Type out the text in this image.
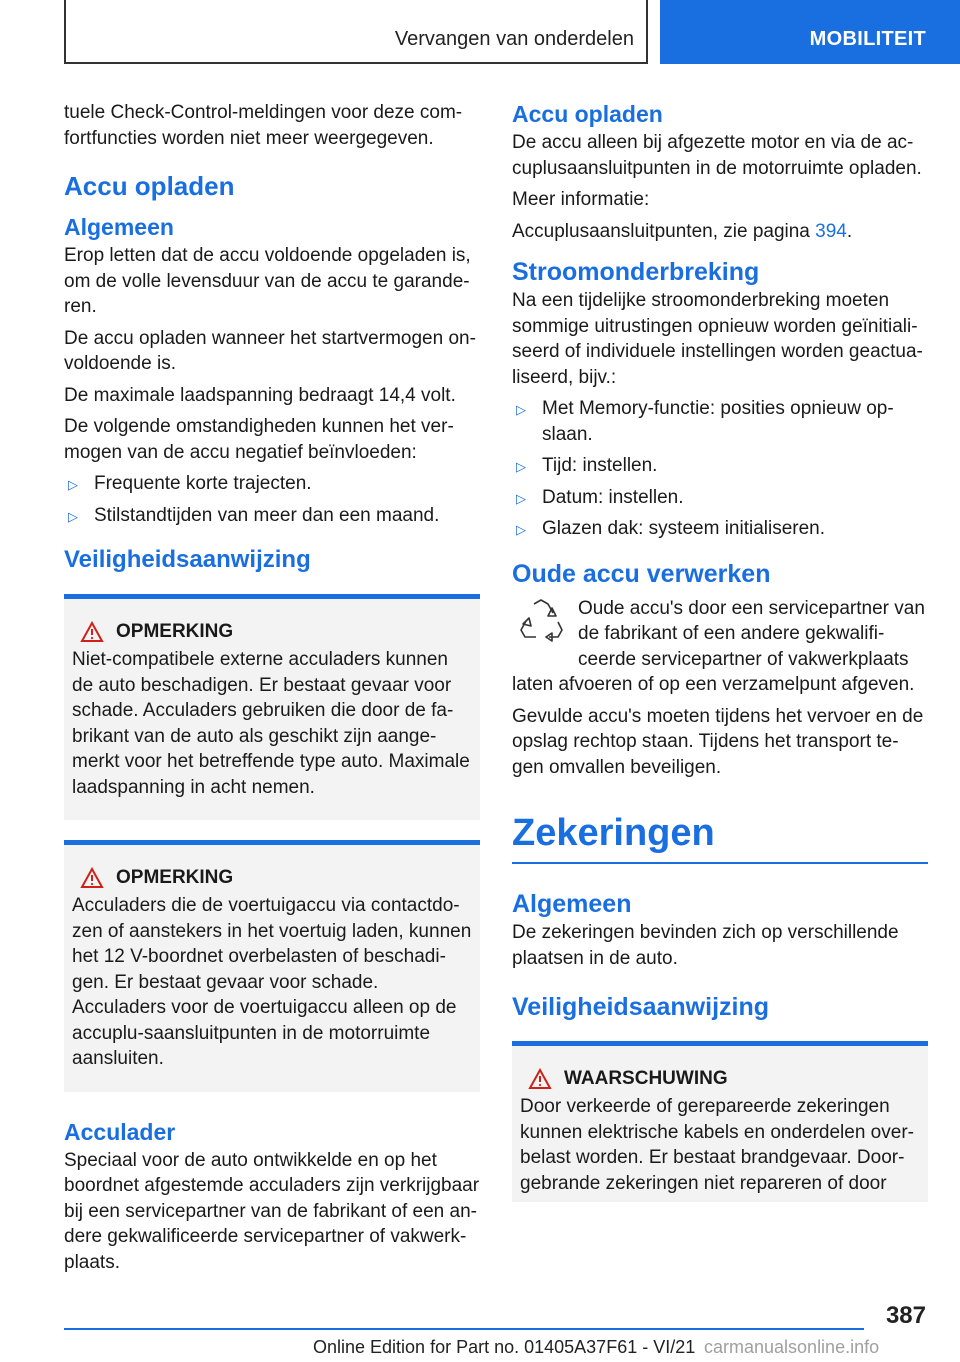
Vervangen van onderdelen	MOBILITEIT

tuele Check-Control-meldingen voor deze com-fortfuncties worden niet meer weergegeven.

Accu opladen
Algemeen

Erop letten dat de accu voldoende opgeladen is, om de volle levensduur van de accu te garande-ren.

De accu opladen wanneer het startvermogen on-voldoende is.

De maximale laadspanning bedraagt 14,4 volt.

De volgende omstandigheden kunnen het ver-mogen van de accu negatief beïnvloeden:

▷ Frequente korte trajecten.
▷ Stilstandtijden van meer dan een maand.
Veiligheidsaanwijzing
OPMERKING

Niet-compatibele externe acculaders kunnen de auto beschadigen. Er bestaat gevaar voor schade. Acculaders gebruiken die door de fa-brikant van de auto als geschikt zijn aange-merkt voor het betreffende type auto. Maximale laadspanning in acht nemen.

OPMERKING

Acculaders die de voertuigaccu via contactdo-zen of aanstekers in het voertuig laden, kunnen het 12 V-boordnet overbelasten of beschadi-gen. Er bestaat gevaar voor schade. Acculaders voor de voertuigaccu alleen op de accuplu-saansluitpunten in de motorruimte aansluiten.

Acculader

Speciaal voor de auto ontwikkelde en op het boordnet afgestemde acculaders zijn verkrijgbaar bij een servicepartner van de fabrikant of een an-dere gekwalificeerde servicepartner of vakwerk-plaats.

Accu opladen

De accu alleen bij afgezette motor en via de ac-cuplusaansluitpunten in de motorruimte opladen.

Meer informatie:

Accuplusaansluitpunten, zie pagina 394.

Stroomonderbreking

Na een tijdelijke stroomonderbreking moeten sommige uitrustingen opnieuw worden geïnitiali-seerd of individuele instellingen worden geactua-liseerd, bijv.:

▷ Met Memory-functie: posities opnieuw op-slaan.
▷ Tijd: instellen.
▷ Datum: instellen.
▷ Glazen dak: systeem initialiseren.
Oude accu verwerken

Oude accu's door een servicepartner van de fabrikant of een andere gekwalifi-ceerde servicepartner of vakwerkplaats laten afvoeren of op een verzamelpunt afgeven.

Gevulde accu's moeten tijdens het vervoer en de opslag rechtop staan. Tijdens het transport te-gen omvallen beveiligen.

Zekeringen
Algemeen

De zekeringen bevinden zich op verschillende plaatsen in de auto.

Veiligheidsaanwijzing
WAARSCHUWING

Door verkeerde of gerepareerde zekeringen kunnen elektrische kabels en onderdelen over-belast worden. Er bestaat brandgevaar. Door-gebrande zekeringen niet repareren of door

387
Online Edition for Part no. 01405A37F61 - VI/21 carmanualsonline.info
